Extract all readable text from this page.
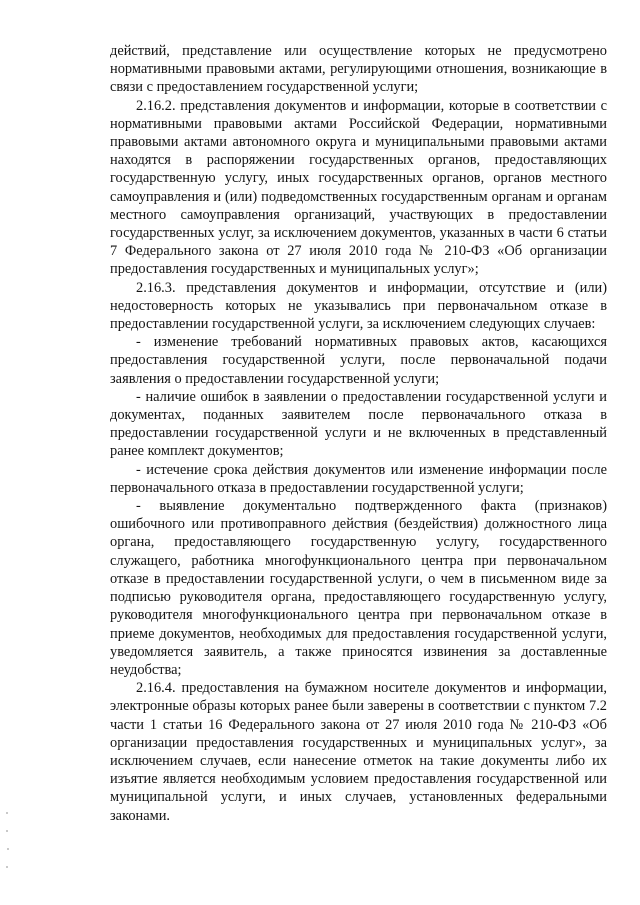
действий, представление или осуществление которых не предусмотрено нормативными правовыми актами, регулирующими отношения, возникающие в связи с предоставлением государственной услуги;

2.16.2. представления документов и информации, которые в соответствии с нормативными правовыми актами Российской Федерации, нормативными правовыми актами автономного округа и муниципальными правовыми актами находятся в распоряжении государственных органов, предоставляющих государственную услугу, иных государственных органов, органов местного самоуправления и (или) подведомственных государственным органам и органам местного самоуправления организаций, участвующих в предоставлении государственных услуг, за исключением документов, указанных в части 6 статьи 7 Федерального закона от 27 июля 2010 года № 210-ФЗ «Об организации предоставления государственных и муниципальных услуг»;

2.16.3. представления документов и информации, отсутствие и (или) недостоверность которых не указывались при первоначальном отказе в предоставлении государственной услуги, за исключением следующих случаев:

- изменение требований нормативных правовых актов, касающихся предоставления государственной услуги, после первоначальной подачи заявления о предоставлении государственной услуги;

- наличие ошибок в заявлении о предоставлении государственной услуги и документах, поданных заявителем после первоначального отказа в предоставлении государственной услуги и не включенных в представленный ранее комплект документов;

- истечение срока действия документов или изменение информации после первоначального отказа в предоставлении государственной услуги;

- выявление документально подтвержденного факта (признаков) ошибочного или противоправного действия (бездействия) должностного лица органа, предоставляющего государственную услугу, государственного служащего, работника многофункционального центра при первоначальном отказе в предоставлении государственной услуги, о чем в письменном виде за подписью руководителя органа, предоставляющего государственную услугу, руководителя многофункционального центра при первоначальном отказе в приеме документов, необходимых для предоставления государственной услуги, уведомляется заявитель, а также приносятся извинения за доставленные неудобства;

2.16.4. предоставления на бумажном носителе документов и информации, электронные образы которых ранее были заверены в соответствии с пунктом 7.2 части 1 статьи 16 Федерального закона от 27 июля 2010 года № 210-ФЗ «Об организации предоставления государственных и муниципальных услуг», за исключением случаев, если нанесение отметок на такие документы либо их изъятие является необходимым условием предоставления государственной или муниципальной услуги, и иных случаев, установленных федеральными законами.
